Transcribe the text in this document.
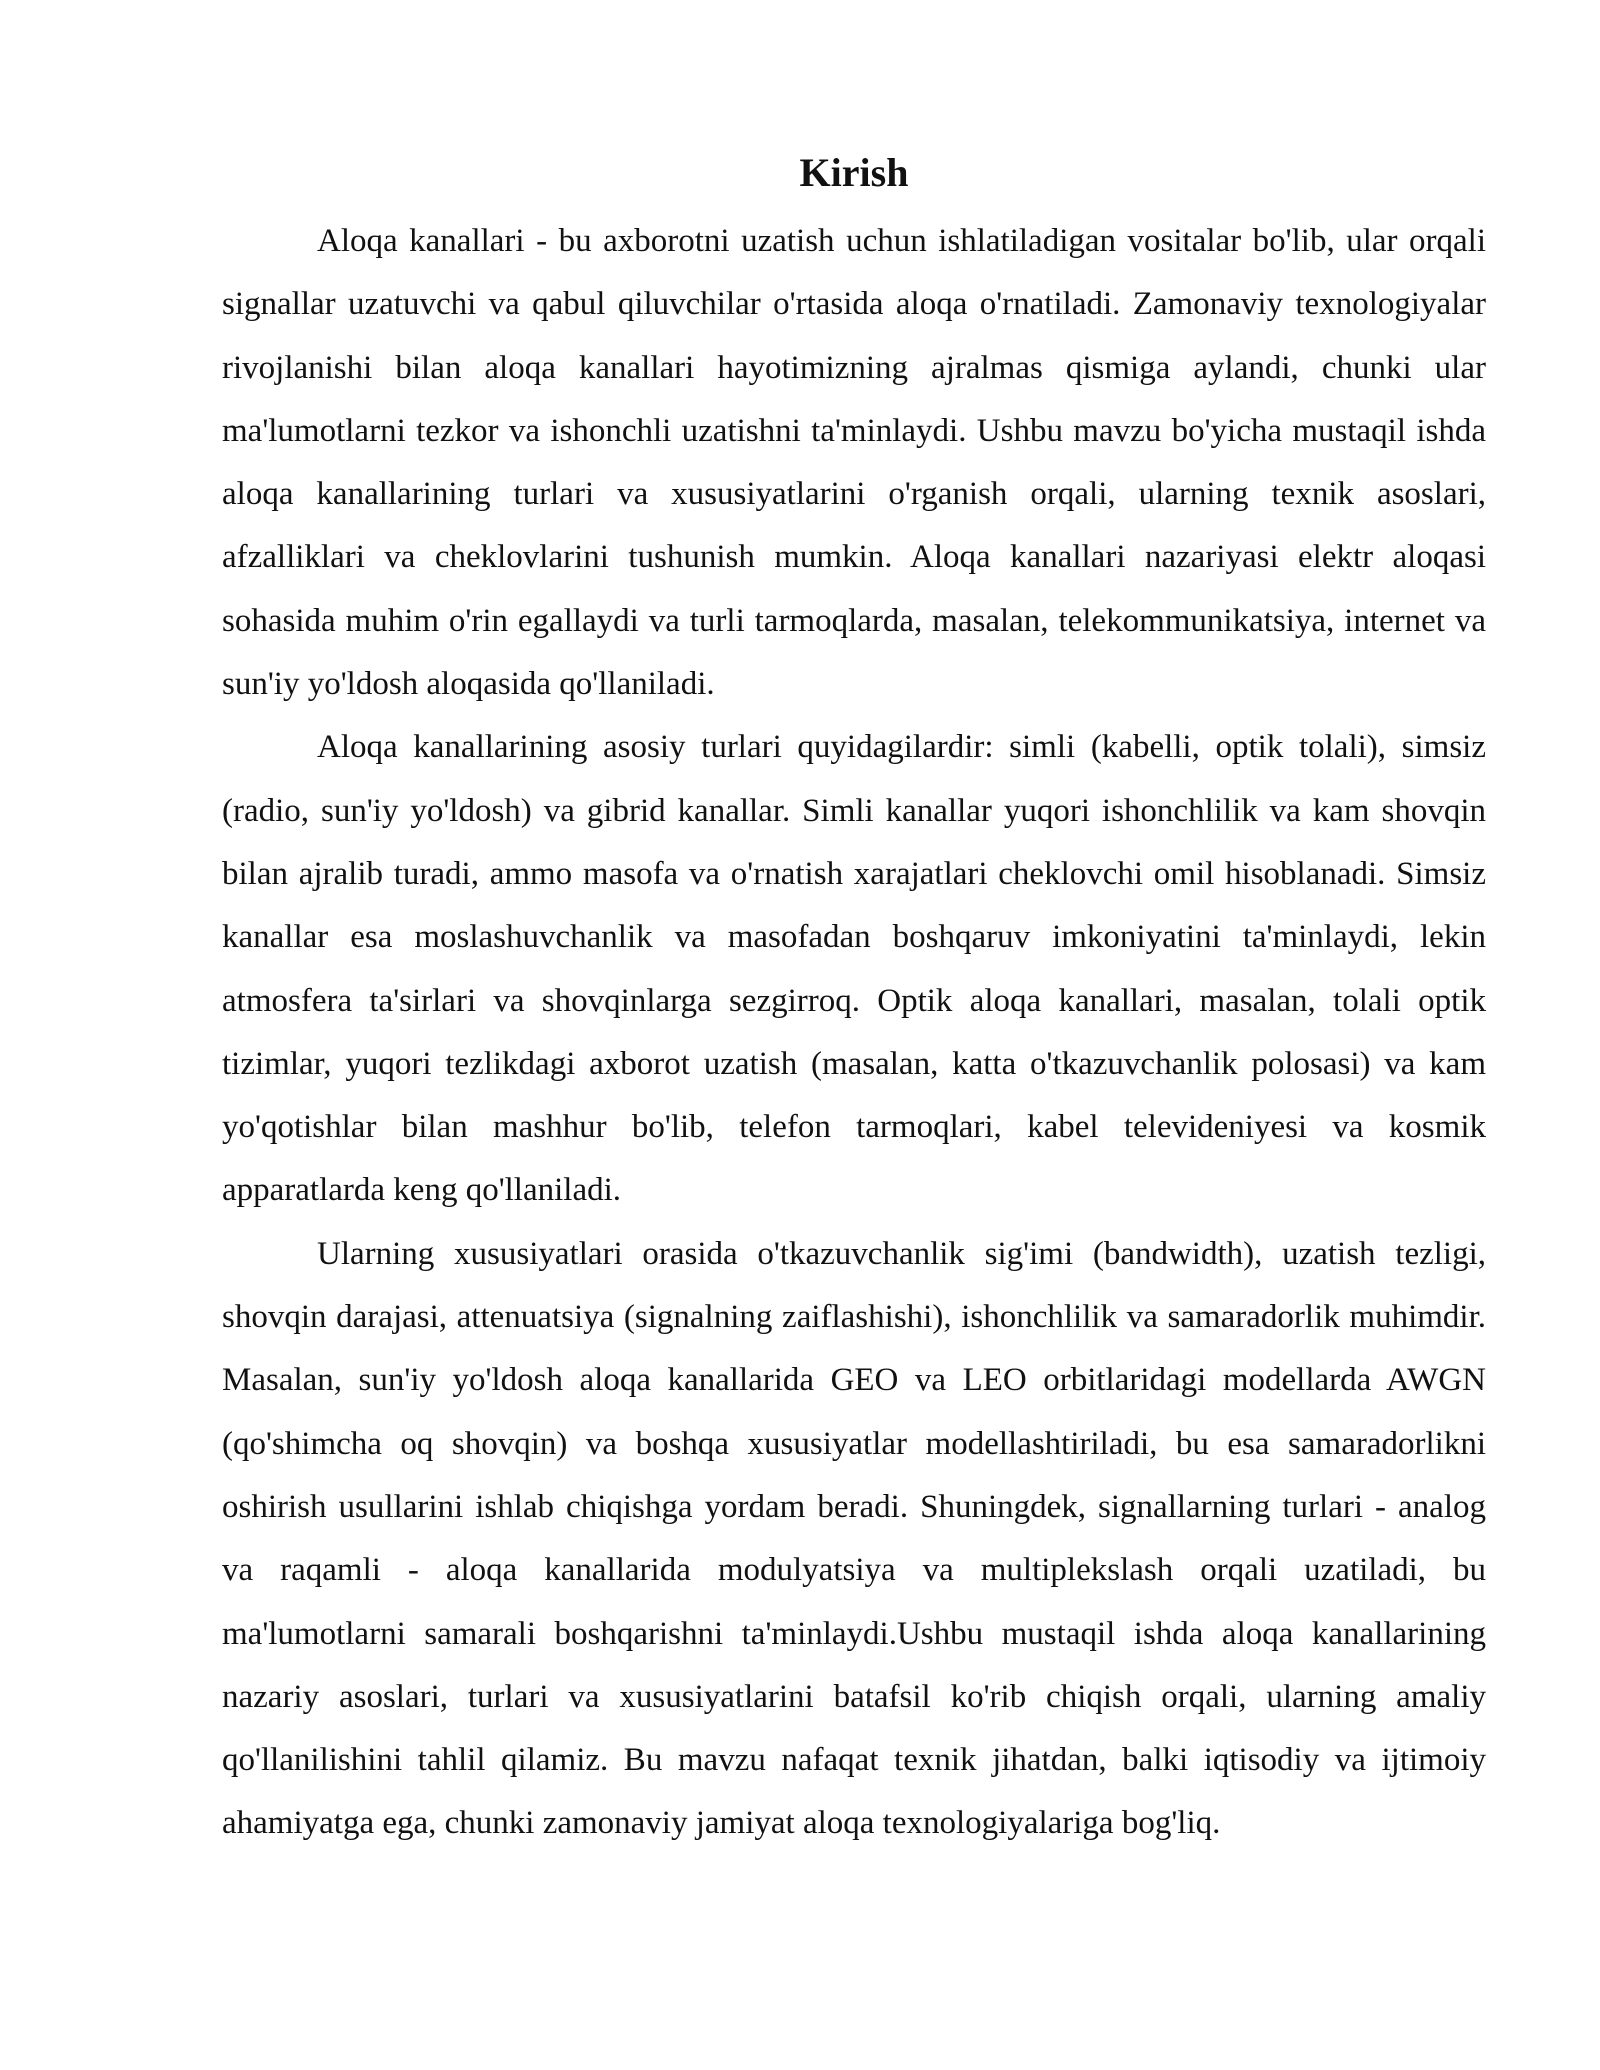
Kirish

Aloqa kanallari - bu axborotni uzatish uchun ishlatiladigan vositalar bo'lib, ular orqali signallar uzatuvchi va qabul qiluvchilar o'rtasida aloqa o'rnatiladi. Zamonaviy texnologiyalar rivojlanishi bilan aloqa kanallari hayotimizning ajralmas qismiga aylandi, chunki ular ma'lumotlarni tezkor va ishonchli uzatishni ta'minlaydi. Ushbu mavzu bo'yicha mustaqil ishda aloqa kanallarining turlari va xususiyatlarini o'rganish orqali, ularning texnik asoslari, afzalliklari va cheklovlarini tushunish mumkin. Aloqa kanallari nazariyasi elektr aloqasi sohasida muhim o'rin egallaydi va turli tarmoqlarda, masalan, telekommunikatsiya, internet va sun'iy yo'ldosh aloqasida qo'llaniladi.

Aloqa kanallarining asosiy turlari quyidagilardir: simli (kabelli, optik tolali), simsiz (radio, sun'iy yo'ldosh) va gibrid kanallar. Simli kanallar yuqori ishonchlilik va kam shovqin bilan ajralib turadi, ammo masofa va o'rnatish xarajatlari cheklovchi omil hisoblanadi. Simsiz kanallar esa moslashuvchanlik va masofadan boshqaruv imkoniyatini ta'minlaydi, lekin atmosfera ta'sirlari va shovqinlarga sezgirroq. Optik aloqa kanallari, masalan, tolali optik tizimlar, yuqori tezlikdagi axborot uzatish (masalan, katta o'tkazuvchanlik polosasi) va kam yo'qotishlar bilan mashhur bo'lib, telefon tarmoqlari, kabel televideniyesi va kosmik apparatlarda keng qo'llaniladi.

Ularning xususiyatlari orasida o'tkazuvchanlik sig'imi (bandwidth), uzatish tezligi, shovqin darajasi, attenuatsiya (signalning zaiflashishi), ishonchlilik va samaradorlik muhimdir. Masalan, sun'iy yo'ldosh aloqa kanallarida GEO va LEO orbitlaridagi modellarda AWGN (qo'shimcha oq shovqin) va boshqa xususiyatlar modellashtiriladi, bu esa samaradorlikni oshirish usullarini ishlab chiqishga yordam beradi. Shuningdek, signallarning turlari - analog va raqamli - aloqa kanallarida modulyatsiya va multiplekslash orqali uzatiladi, bu ma'lumotlarni samarali boshqarishni ta'minlaydi.Ushbu mustaqil ishda aloqa kanallarining nazariy asoslari, turlari va xususiyatlarini batafsil ko'rib chiqish orqali, ularning amaliy qo'llanilishini tahlil qilamiz. Bu mavzu nafaqat texnik jihatdan, balki iqtisodiy va ijtimoiy ahamiyatga ega, chunki zamonaviy jamiyat aloqa texnologiyalariga bog'liq.
